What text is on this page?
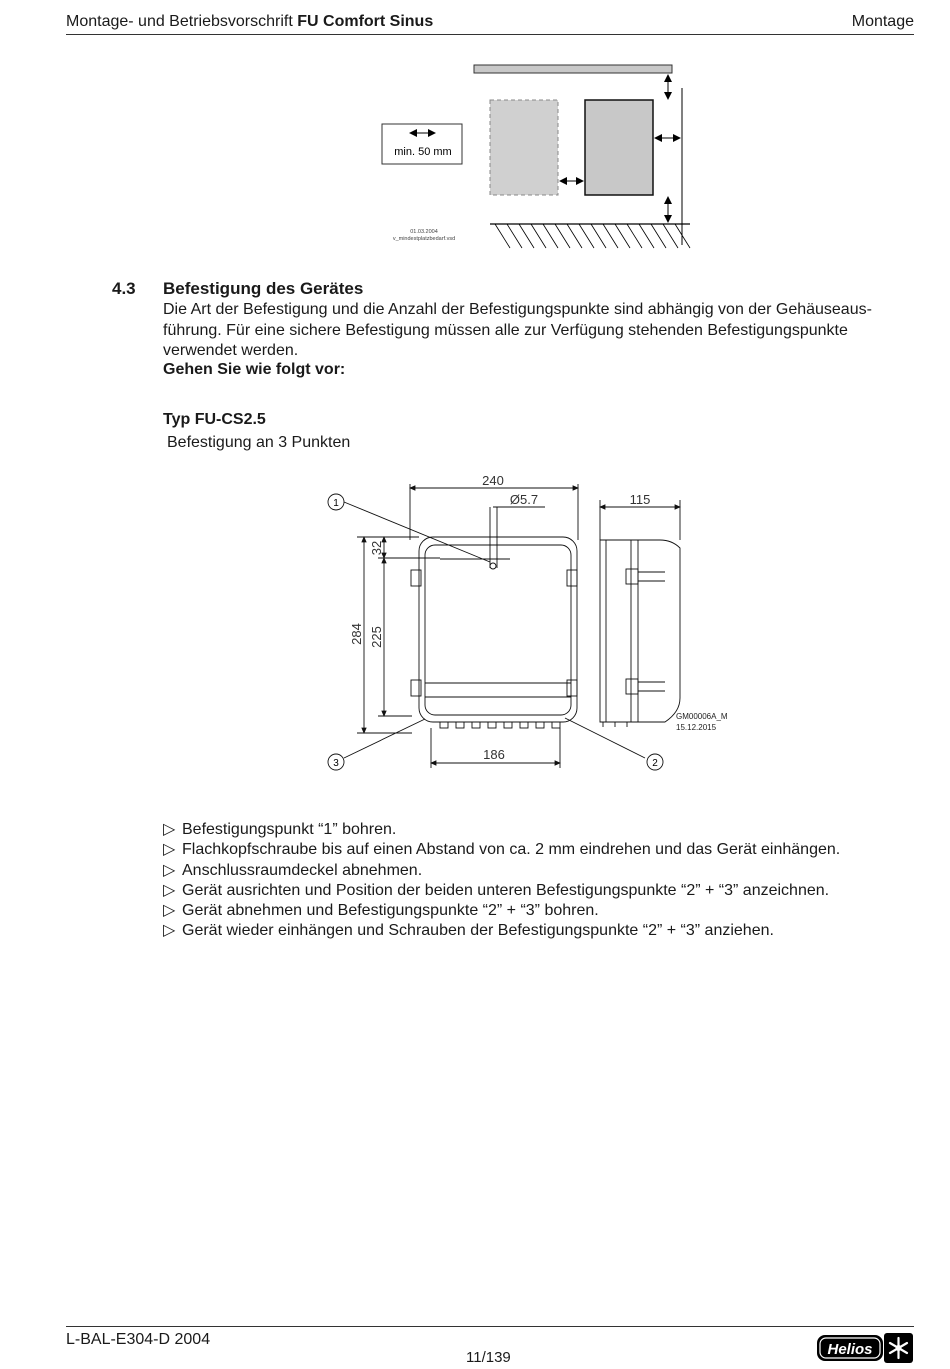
Montage- und Betriebsvorschrift FU Comfort Sinus	Montage
min. 50 mm
01.03.2004
v_mindestplatzbedarf.vsd
4.3 Befestigung des Gerätes
Die Art der Befestigung und die Anzahl der Befestigungspunkte sind abhängig von der Gehäuseausführung. Für eine sichere Befestigung müssen alle zur Verfügung stehenden Befestigungspunkte verwendet werden.
Gehen Sie wie folgt vor:
Typ FU-CS2.5
Befestigung an 3 Punkten
240
Ø5.7	115
32
284 225
186
1
3	2
GM00006A_M
15.12.2015
▷ Befestigungspunkt “1” bohren.
▷ Flachkopfschraube bis auf einen Abstand von ca. 2 mm eindrehen und das Gerät einhängen.
▷ Anschlussraumdeckel abnehmen.
▷ Gerät ausrichten und Position der beiden unteren Befestigungspunkte “2” + “3” anzeichnen.
▷ Gerät abnehmen und Befestigungspunkte “2” + “3” bohren.
▷ Gerät wieder einhängen und Schrauben der Befestigungspunkte “2” + “3” anziehen.
L-BAL-E304-D 2004
11/139	Helios
